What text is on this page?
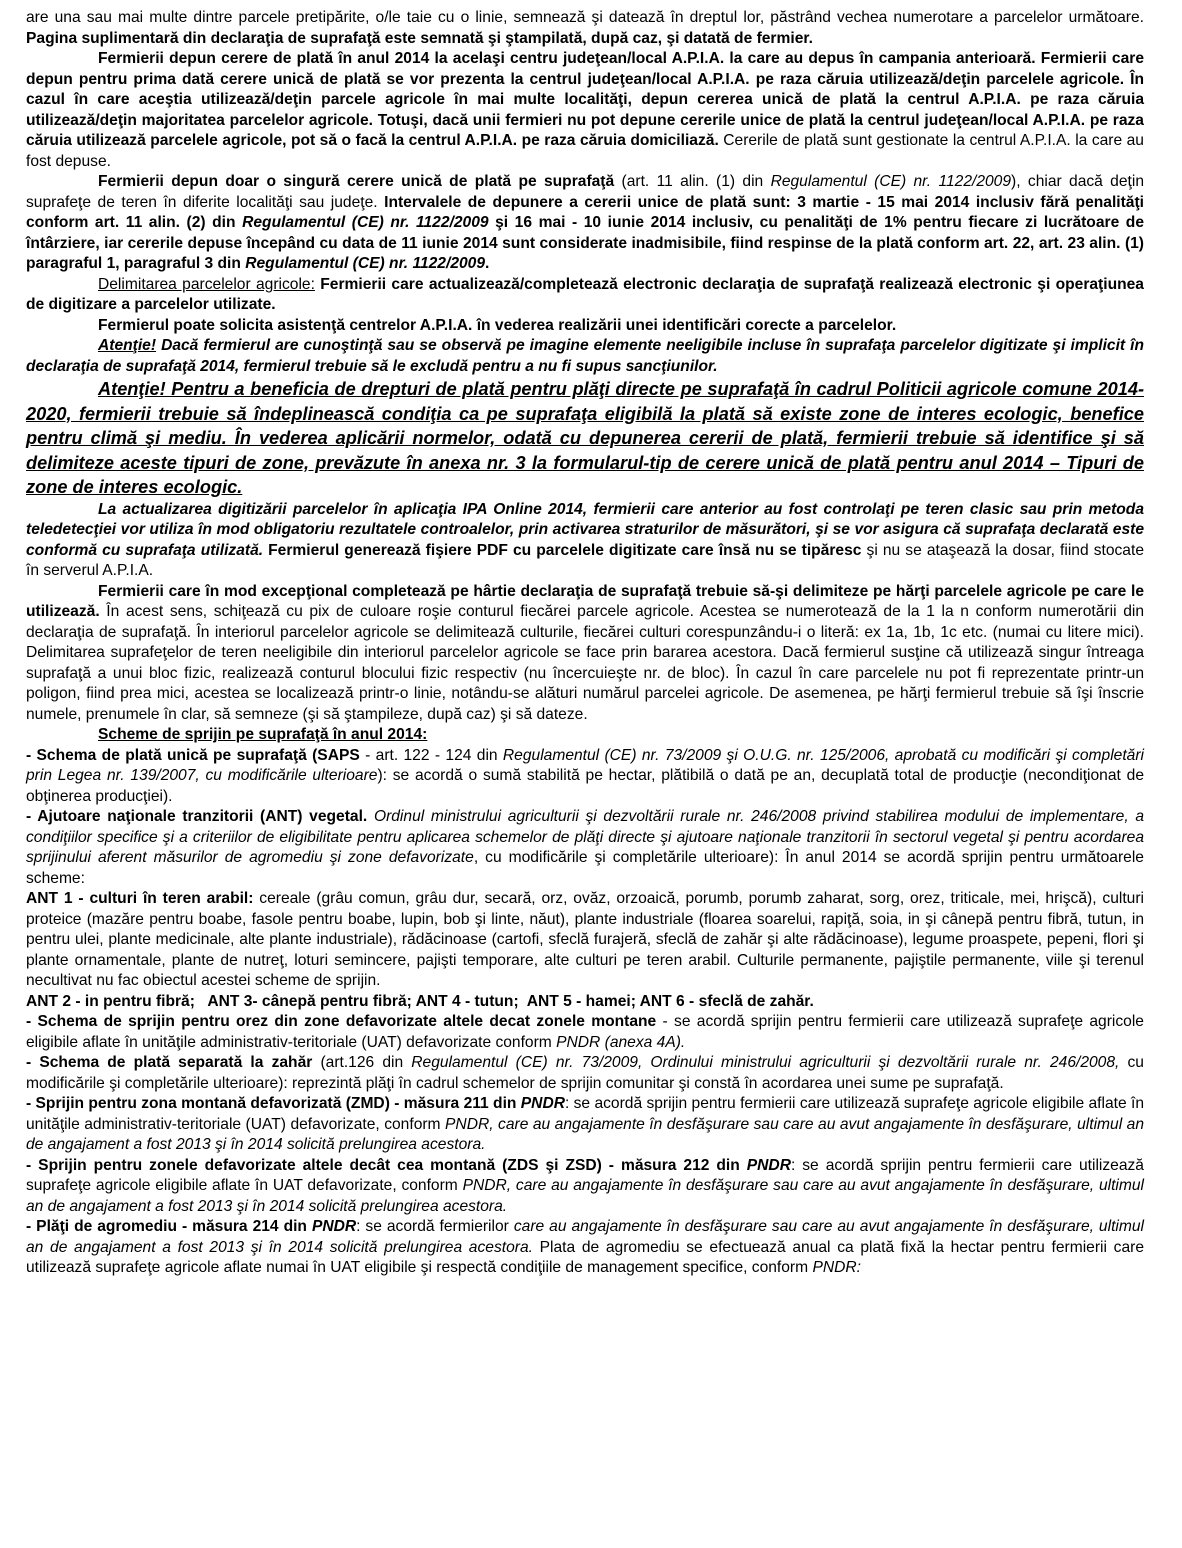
are una sau mai multe dintre parcele pretipărite, o/le taie cu o linie, semnează şi datează în dreptul lor, păstrând vechea numerotare a parcelelor următoare. Pagina suplimentară din declaraţia de suprafaţă este semnată şi ştampilată, după caz, şi datată de fermier.

Fermierii depun cerere de plată în anul 2014 la acelaşi centru judeţean/local A.P.I.A. la care au depus în campania anterioară. Fermierii care depun pentru prima dată cerere unică de plată se vor prezenta la centrul judeţean/local A.P.I.A. pe raza căruia utilizează/deţin parcelele agricole. În cazul în care aceştia utilizează/deţin parcele agricole în mai multe localităţi, depun cererea unică de plată la centrul A.P.I.A. pe raza căruia utilizează/deţin majoritatea parcelelor agricole. Totuşi, dacă unii fermieri nu pot depune cererile unice de plată la centrul judeţean/local A.P.I.A. pe raza căruia utilizează parcelele agricole, pot să o facă la centrul A.P.I.A. pe raza căruia domiciliază. Cererile de plată sunt gestionate la centrul A.P.I.A. la care au fost depuse.

Fermierii depun doar o singură cerere unică de plată pe suprafaţă (art. 11 alin. (1) din Regulamentul (CE) nr. 1122/2009), chiar dacă deţin suprafeţe de teren în diferite localităţi sau judeţe. Intervalele de depunere a cererii unice de plată sunt: 3 martie - 15 mai 2014 inclusiv fără penalităţi conform art. 11 alin. (2) din Regulamentul (CE) nr. 1122/2009 şi 16 mai - 10 iunie 2014 inclusiv, cu penalităţi de 1% pentru fiecare zi lucrătoare de întârziere, iar cererile depuse începând cu data de 11 iunie 2014 sunt considerate inadmisibile, fiind respinse de la plată conform art. 22, art. 23 alin. (1) paragraful 1, paragraful 3 din Regulamentul (CE) nr. 1122/2009.

Delimitarea parcelelor agricole: Fermierii care actualizează/completează electronic declaraţia de suprafaţă realizează electronic şi operaţiunea de digitizare a parcelelor utilizate.

Fermierul poate solicita asistenţă centrelor A.P.I.A. în vederea realizării unei identificări corecte a parcelelor.

Atenţie! Dacă fermierul are cunoştinţă sau se observă pe imagine elemente neeligibile incluse în suprafaţa parcelelor digitizate şi implicit în declaraţia de suprafaţă 2014, fermierul trebuie să le excludă pentru a nu fi supus sancţiunilor.

Atenţie! Pentru a beneficia de drepturi de plată pentru plăţi directe pe suprafaţă în cadrul Politicii agricole comune 2014-2020, fermierii trebuie să îndeplinească condiţia ca pe suprafaţa eligibilă la plată să existe zone de interes ecologic, benefice pentru climă şi mediu. În vederea aplicării normelor, odată cu depunerea cererii de plată, fermierii trebuie să identifice şi să delimiteze aceste tipuri de zone, prevăzute în anexa nr. 3 la formularul-tip de cerere unică de plată pentru anul 2014 – Tipuri de zone de interes ecologic.

La actualizarea digitizării parcelelor în aplicaţia IPA Online 2014, fermierii care anterior au fost controlaţi pe teren clasic sau prin metoda teledetecţiei vor utiliza în mod obligatoriu rezultatele controalelor, prin activarea straturilor de măsurători, şi se vor asigura că suprafaţa declarată este conformă cu suprafaţa utilizată. Fermierul generează fişiere PDF cu parcelele digitizate care însă nu se tipăresc şi nu se ataşează la dosar, fiind stocate în serverul A.P.I.A.

Fermierii care în mod excepţional completează pe hârtie declaraţia de suprafaţă trebuie să-şi delimiteze pe hărţi parcelele agricole pe care le utilizează. În acest sens, schiţează cu pix de culoare roşie conturul fiecărei parcele agricole. Acestea se numerotează de la 1 la n conform numerotării din declaraţia de suprafaţă. În interiorul parcelelor agricole se delimitează culturile, fiecărei culturi corespunzându-i o literă: ex 1a, 1b, 1c etc. (numai cu litere mici). Delimitarea suprafeţelor de teren neeligibile din interiorul parcelelor agricole se face prin bararea acestora. Dacă fermierul susţine că utilizează singur întreaga suprafaţă a unui bloc fizic, realizează conturul blocului fizic respectiv (nu încercuieşte nr. de bloc). În cazul în care parcelele nu pot fi reprezentate printr-un poligon, fiind prea mici, acestea se localizează printr-o linie, notându-se alături numărul parcelei agricole. De asemenea, pe hărţi fermierul trebuie să îşi înscrie numele, prenumele în clar, să semneze (şi să ştampileze, după caz) şi să dateze.

Scheme de sprijin pe suprafaţă în anul 2014:

- Schema de plată unică pe suprafaţă (SAPS - art. 122 - 124 din Regulamentul (CE) nr. 73/2009 şi O.U.G. nr. 125/2006, aprobată cu modificări şi completări prin Legea nr. 139/2007, cu modificările ulterioare): se acordă o sumă stabilită pe hectar, plătibilă o dată pe an, decuplată total de producţie (necondiţionat de obţinerea producţiei).

- Ajutoare naţionale tranzitorii (ANT) vegetal. Ordinul ministrului agriculturii şi dezvoltării rurale nr. 246/2008 privind stabilirea modului de implementare, a condiţiilor specifice şi a criteriilor de eligibilitate pentru aplicarea schemelor de plăţi directe şi ajutoare naţionale tranzitorii în sectorul vegetal şi pentru acordarea sprijinului aferent măsurilor de agromediu şi zone defavorizate, cu modificările şi completările ulterioare): În anul 2014 se acordă sprijin pentru următoarele scheme:

ANT 1 - culturi în teren arabil: cereale (grâu comun, grâu dur, secară, orz, ovăz, orzoaică, porumb, porumb zaharat, sorg, orez, triticale, mei, hrişcă), culturi proteice (mazăre pentru boabe, fasole pentru boabe, lupin, bob şi linte, năut), plante industriale (floarea soarelui, rapiţă, soia, in şi cânepă pentru fibră, tutun, in pentru ulei, plante medicinale, alte plante industriale), rădăcinoase (cartofi, sfeclă furajeră, sfeclă de zahăr şi alte rădăcinoase), legume proaspete, pepeni, flori şi plante ornamentale, plante de nutreţ, loturi semincere, pajişti temporare, alte culturi pe teren arabil. Culturile permanente, pajiştile permanente, viile şi terenul necultivat nu fac obiectul acestei scheme de sprijin.

ANT 2 - in pentru fibră;   ANT 3- cânepă pentru fibră; ANT 4 - tutun;  ANT 5 - hamei; ANT 6 - sfeclă de zahăr.

- Schema de sprijin pentru orez din zone defavorizate altele decat zonele montane - se acordă sprijin pentru fermierii care utilizează suprafeţe agricole eligibile aflate în unităţile administrativ-teritoriale (UAT) defavorizate conform PNDR (anexa 4A).

- Schema de plată separată la zahăr (art.126 din Regulamentul (CE) nr. 73/2009, Ordinului ministrului agriculturii şi dezvoltării rurale nr. 246/2008, cu modificările şi completările ulterioare): reprezintă plăţi în cadrul schemelor de sprijin comunitar şi constă în acordarea unei sume pe suprafaţă.

- Sprijin pentru zona montană defavorizată (ZMD) - măsura 211 din PNDR: se acordă sprijin pentru fermierii care utilizează suprafeţe agricole eligibile aflate în unităţile administrativ-teritoriale (UAT) defavorizate, conform PNDR, care au angajamente în desfăşurare sau care au avut angajamente în desfăşurare, ultimul an de angajament a fost 2013 şi în 2014 solicită prelungirea acestora.

- Sprijin pentru zonele defavorizate altele decât cea montană (ZDS şi ZSD) - măsura 212 din PNDR: se acordă sprijin pentru fermierii care utilizează suprafeţe agricole eligibile aflate în UAT defavorizate, conform PNDR, care au angajamente în desfăşurare sau care au avut angajamente în desfăşurare, ultimul an de angajament a fost 2013 şi în 2014 solicită prelungirea acestora.

- Plăţi de agromediu - măsura 214 din PNDR: se acordă fermierilor care au angajamente în desfăşurare sau care au avut angajamente în desfăşurare, ultimul an de angajament a fost 2013 şi în 2014 solicită prelungirea acestora. Plata de agromediu se efectuează anual ca plată fixă la hectar pentru fermierii care utilizează suprafeţe agricole aflate numai în UAT eligibile şi respectă condiţiile de management specifice, conform PNDR:
